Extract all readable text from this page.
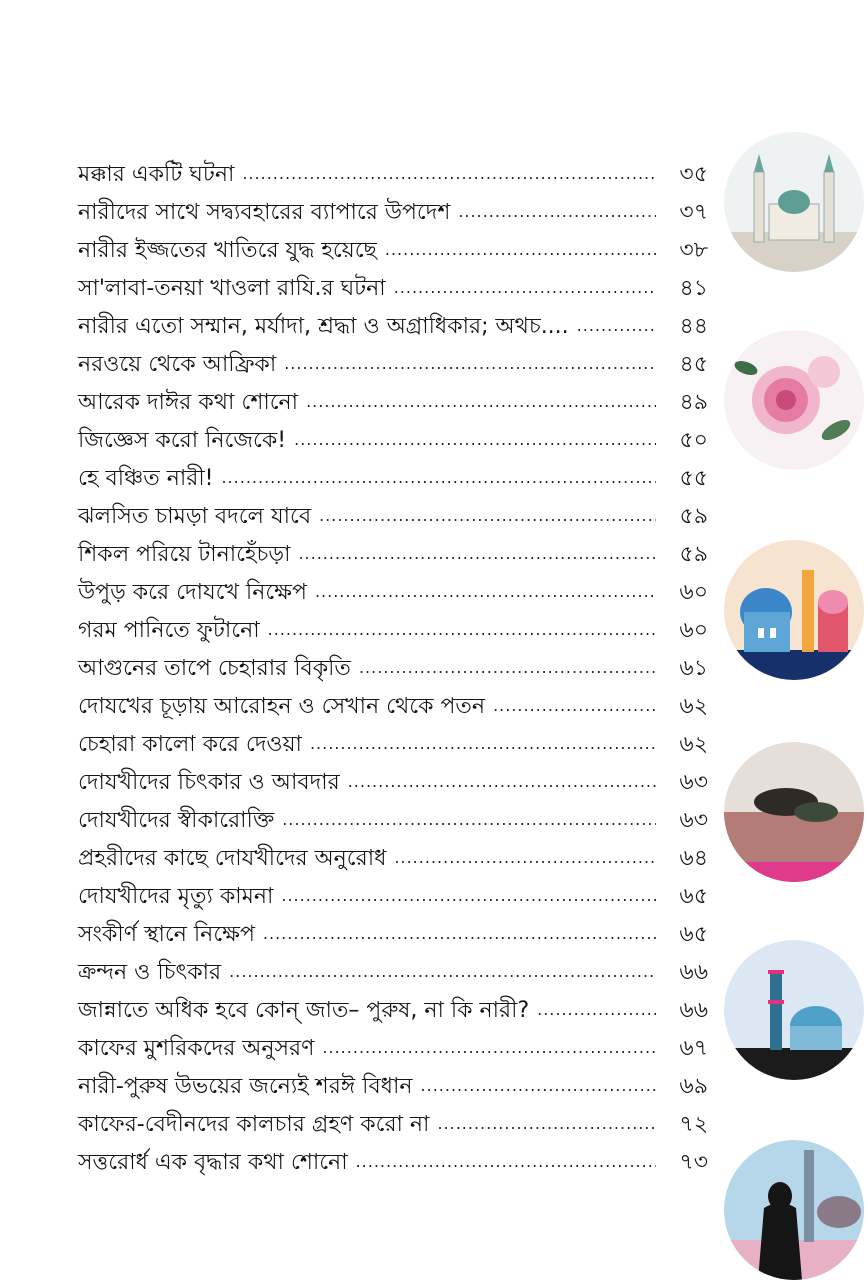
মক্কার একটি ঘটনা .....	৩৫
নারীদের সাথে সদ্ব্যবহারের ব্যাপারে উপদেশ .....	৩৭
নারীর ইজ্জতের খাতিরে যুদ্ধ হয়েছে .....	৩৮
সা'লাবা-তনয়া খাওলা রাযি.র ঘটনা .....	৪১
নারীর এতো সম্মান, মর্যাদা, শ্রদ্ধা ও অগ্রাধিকার; অথচ.... .....	৪৪
নরওয়ে থেকে আফ্রিকা .....	৪৫
আরেক দাঈর কথা শোনো .....	৪৯
জিজ্ঞেস করো নিজেকে! .....	৫০
হে বঞ্চিত নারী! .....	৫৫
ঝলসিত চামড়া বদলে যাবে .....	৫৯
শিকল পরিয়ে টানাহেঁচড়া .....	৫৯
উপুড় করে দোযখে নিক্ষেপ .....	৬০
গরম পানিতে ফুটানো .....	৬০
আগুনের তাপে চেহারার বিকৃতি .....	৬১
দোযখের চূড়ায় আরোহন ও সেখান থেকে পতন .....	৬২
চেহারা কালো করে দেওয়া .....	৬২
দোযখীদের চিৎকার ও আবদার .....	৬৩
দোযখীদের স্বীকারোক্তি .....	৬৩
প্রহরীদের কাছে দোযখীদের অনুরোধ .....	৬৪
দোযখীদের মৃত্যু কামনা .....	৬৫
সংকীর্ণ স্থানে নিক্ষেপ .....	৬৫
ক্রন্দন ও চিৎকার .....	৬৬
জান্নাতে অধিক হবে কোন্ জাত– পুরুষ, না কি নারী? .....	৬৬
কাফের মুশরিকদের অনুসরণ .....	৬৭
নারী-পুরুষ উভয়ের জন্যেই শরঈ বিধান .....	৬৯
কাফের-বেদীনদের কালচার গ্রহণ করো না .....	৭২
সত্তরোর্ধ এক বৃদ্ধার কথা শোনো .....	৭৩
